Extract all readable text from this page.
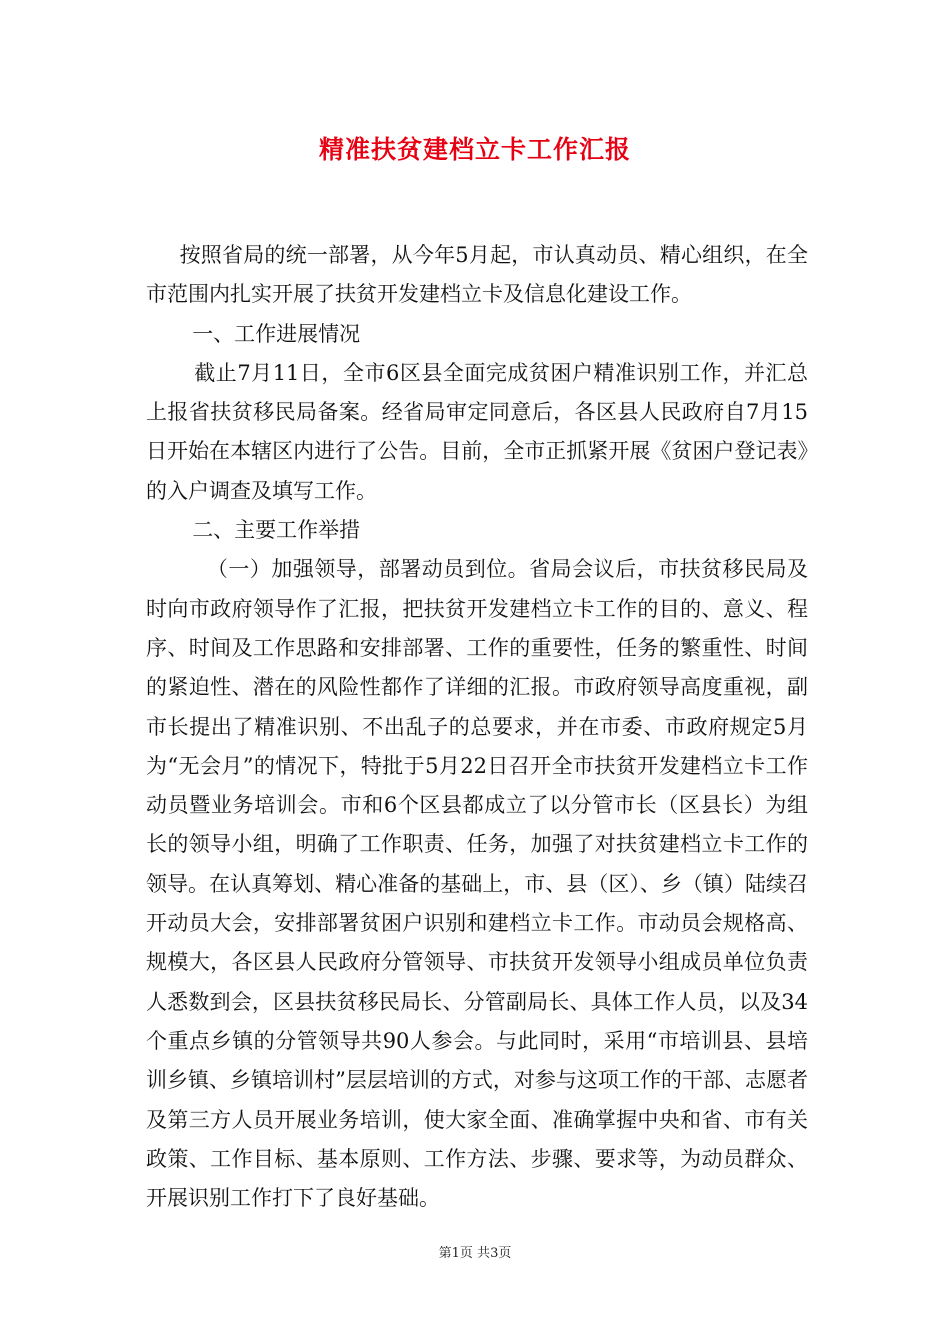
精准扶贫建档立卡工作汇报

按照省局的统一部署，从今年5月起，市认真动员、精心组织，在全市范围内扎实开展了扶贫开发建档立卡及信息化建设工作。

一、工作进展情况

截止7月11日，全市6区县全面完成贫困户精准识别工作，并汇总上报省扶贫移民局备案。经省局审定同意后，各区县人民政府自7月15日开始在本辖区内进行了公告。目前，全市正抓紧开展《贫困户登记表》的入户调查及填写工作。

二、主要工作举措

（一）加强领导，部署动员到位。省局会议后，市扶贫移民局及时向市政府领导作了汇报，把扶贫开发建档立卡工作的目的、意义、程序、时间及工作思路和安排部署、工作的重要性，任务的繁重性、时间的紧迫性、潜在的风险性都作了详细的汇报。市政府领导高度重视，副市长提出了精准识别、不出乱子的总要求，并在市委、市政府规定5月为“无会月”的情况下，特批于5月22日召开全市扶贫开发建档立卡工作动员暨业务培训会。市和6个区县都成立了以分管市长（区县长）为组长的领导小组，明确了工作职责、任务，加强了对扶贫建档立卡工作的领导。在认真筹划、精心准备的基础上，市、县（区）、乡（镇）陆续召开动员大会，安排部署贫困户识别和建档立卡工作。市动员会规格高、规模大，各区县人民政府分管领导、市扶贫开发领导小组成员单位负责人悉数到会，区县扶贫移民局长、分管副局长、具体工作人员，以及34个重点乡镇的分管领导共90人参会。与此同时，采用“市培训县、县培训乡镇、乡镇培训村”层层培训的方式，对参与这项工作的干部、志愿者及第三方人员开展业务培训，使大家全面、准确掌握中央和省、市有关政策、工作目标、基本原则、工作方法、步骤、要求等，为动员群众、开展识别工作打下了良好基础。

第1页 共3页
